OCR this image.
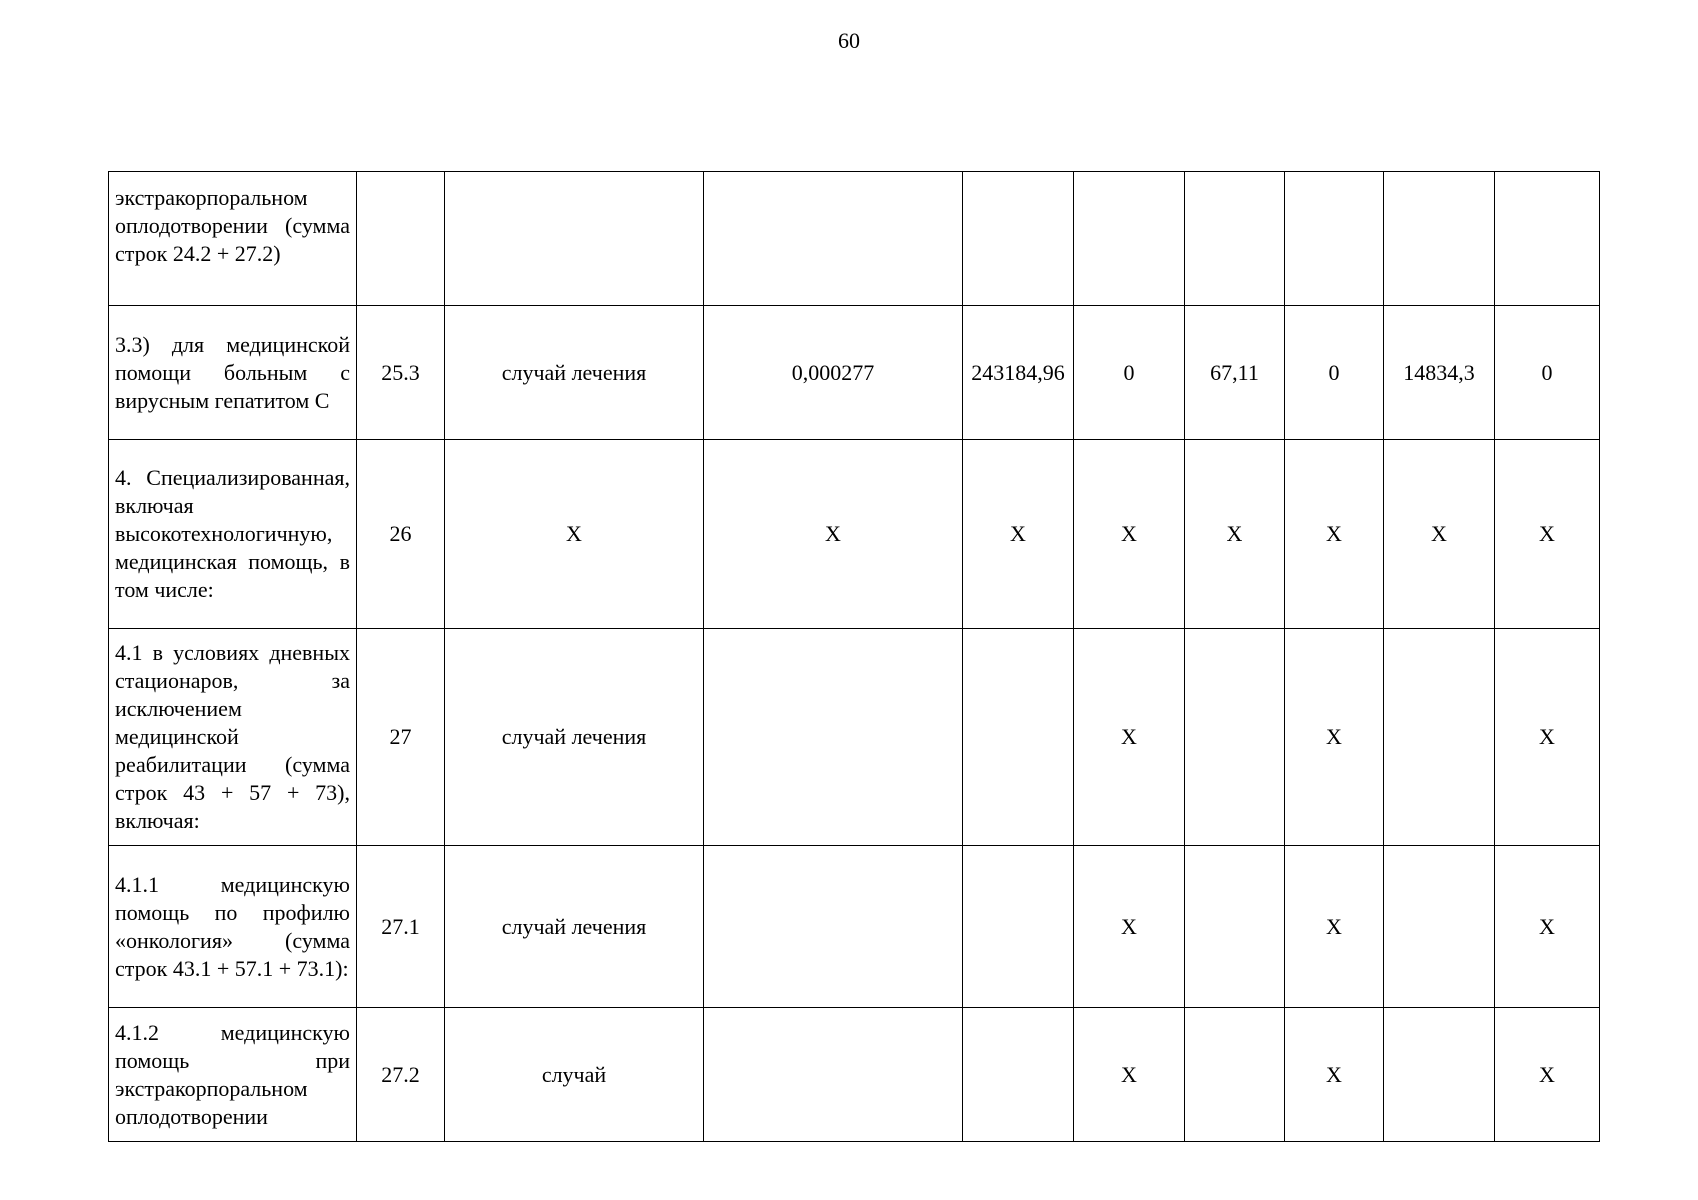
60
экстракорпоральном оплодотворении (сумма строк 24.2 + 27.2)									
3.3) для медицинской помощи больным с вирусным гепатитом С	25.3	случай лечения	0,000277	243184,96	0	67,11	0	14834,3	0
4. Специализированная, включая высокотехнологичную, медицинская помощь, в том числе:	26	Х	Х	Х	Х	Х	Х	Х	Х
4.1 в условиях дневных стационаров, за исключением медицинской реабилитации (сумма строк 43 + 57 + 73), включая:	27	случай лечения			Х		Х		Х
4.1.1 медицинскую помощь по профилю «онкология» (сумма строк 43.1 + 57.1 + 73.1):	27.1	случай лечения			Х		Х		Х
4.1.2 медицинскую помощь при экстракорпоральном оплодотворении	27.2	случай			Х		Х		Х
